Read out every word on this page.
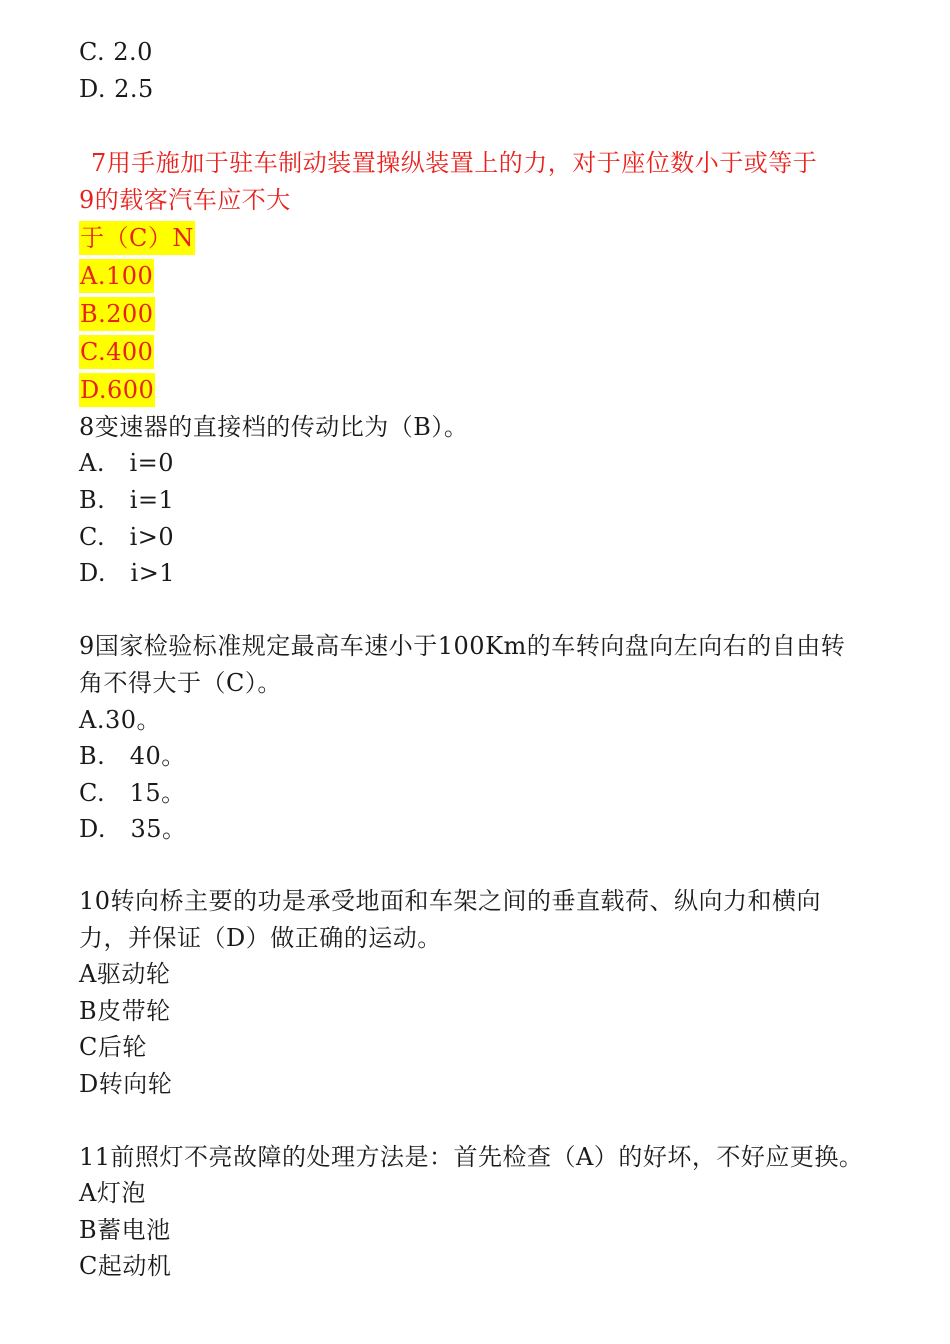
C. 2.0
D. 2.5
7用手施加于驻车制动装置操纵装置上的力，对于座位数小于或等于
9的载客汽车应不大
于（C）N
A.100
B.200
C.400
D.600
8变速器的直接档的传动比为（B）。
A.　i=0
B.　i=1
C.　i>0
D.　i>1
9国家检验标准规定最高车速小于100Km的车转向盘向左向右的自由转
角不得大于（C）。
A.30。
B.　40。
C.　15。
D.　35。
10转向桥主要的功是承受地面和车架之间的垂直载荷、纵向力和横向
力，并保证（D）做正确的运动。
A驱动轮
B皮带轮
C后轮
D转向轮
11前照灯不亮故障的处理方法是：首先检查（A）的好坏，不好应更换。
A灯泡
B蓄电池
C起动机
